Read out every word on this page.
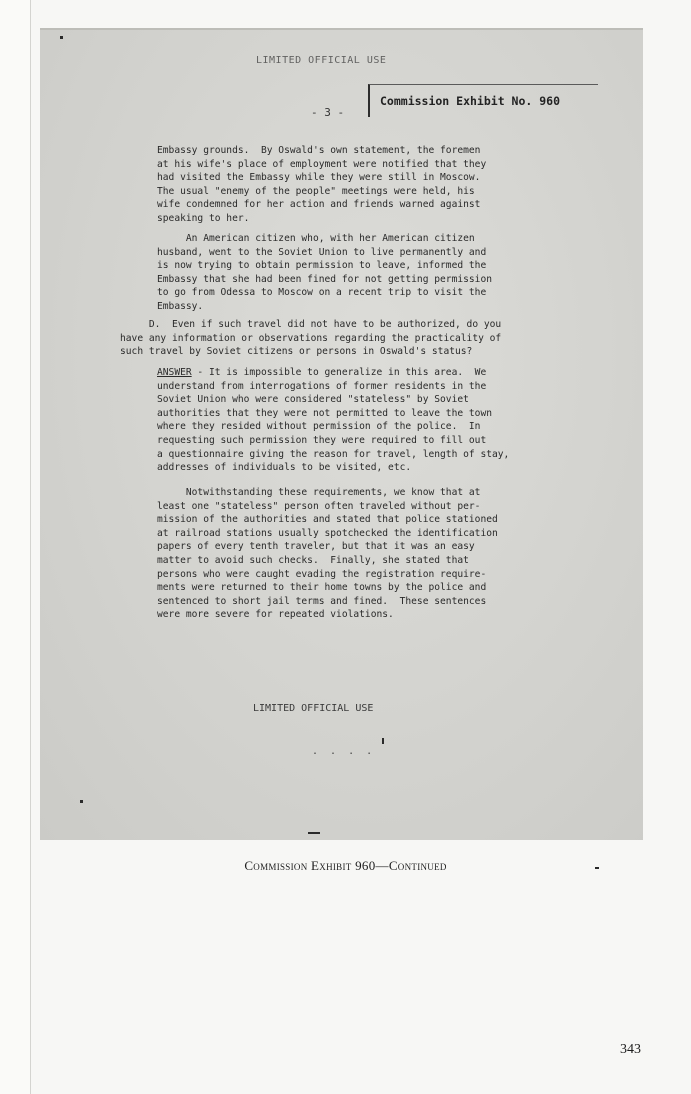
LIMITED OFFICIAL USE
Commission Exhibit No. 960
- 3 -
Embassy grounds.  By Oswald's own statement, the foremen
at his wife's place of employment were notified that they
had visited the Embassy while they were still in Moscow.
The usual "enemy of the people" meetings were held, his
wife condemned for her action and friends warned against
speaking to her.
An American citizen who, with her American citizen
husband, went to the Soviet Union to live permanently and
is now trying to obtain permission to leave, informed the
Embassy that she had been fined for not getting permission
to go from Odessa to Moscow on a recent trip to visit the
Embassy.
D.  Even if such travel did not have to be authorized, do you
have any information or observations regarding the practicality of
such travel by Soviet citizens or persons in Oswald's status?
ANSWER - It is impossible to generalize in this area.  We
understand from interrogations of former residents in the
Soviet Union who were considered "stateless" by Soviet
authorities that they were not permitted to leave the town
where they resided without permission of the police.  In
requesting such permission they were required to fill out
a questionnaire giving the reason for travel, length of stay,
addresses of individuals to be visited, etc.
Notwithstanding these requirements, we know that at
least one "stateless" person often traveled without per-
mission of the authorities and stated that police stationed
at railroad stations usually spotchecked the identification
papers of every tenth traveler, but that it was an easy
matter to avoid such checks.  Finally, she stated that
persons who were caught evading the registration require-
ments were returned to their home towns by the police and
sentenced to short jail terms and fined.  These sentences
were more severe for repeated violations.
LIMITED OFFICIAL USE
. . . .
Commission Exhibit 960—Continued
343
